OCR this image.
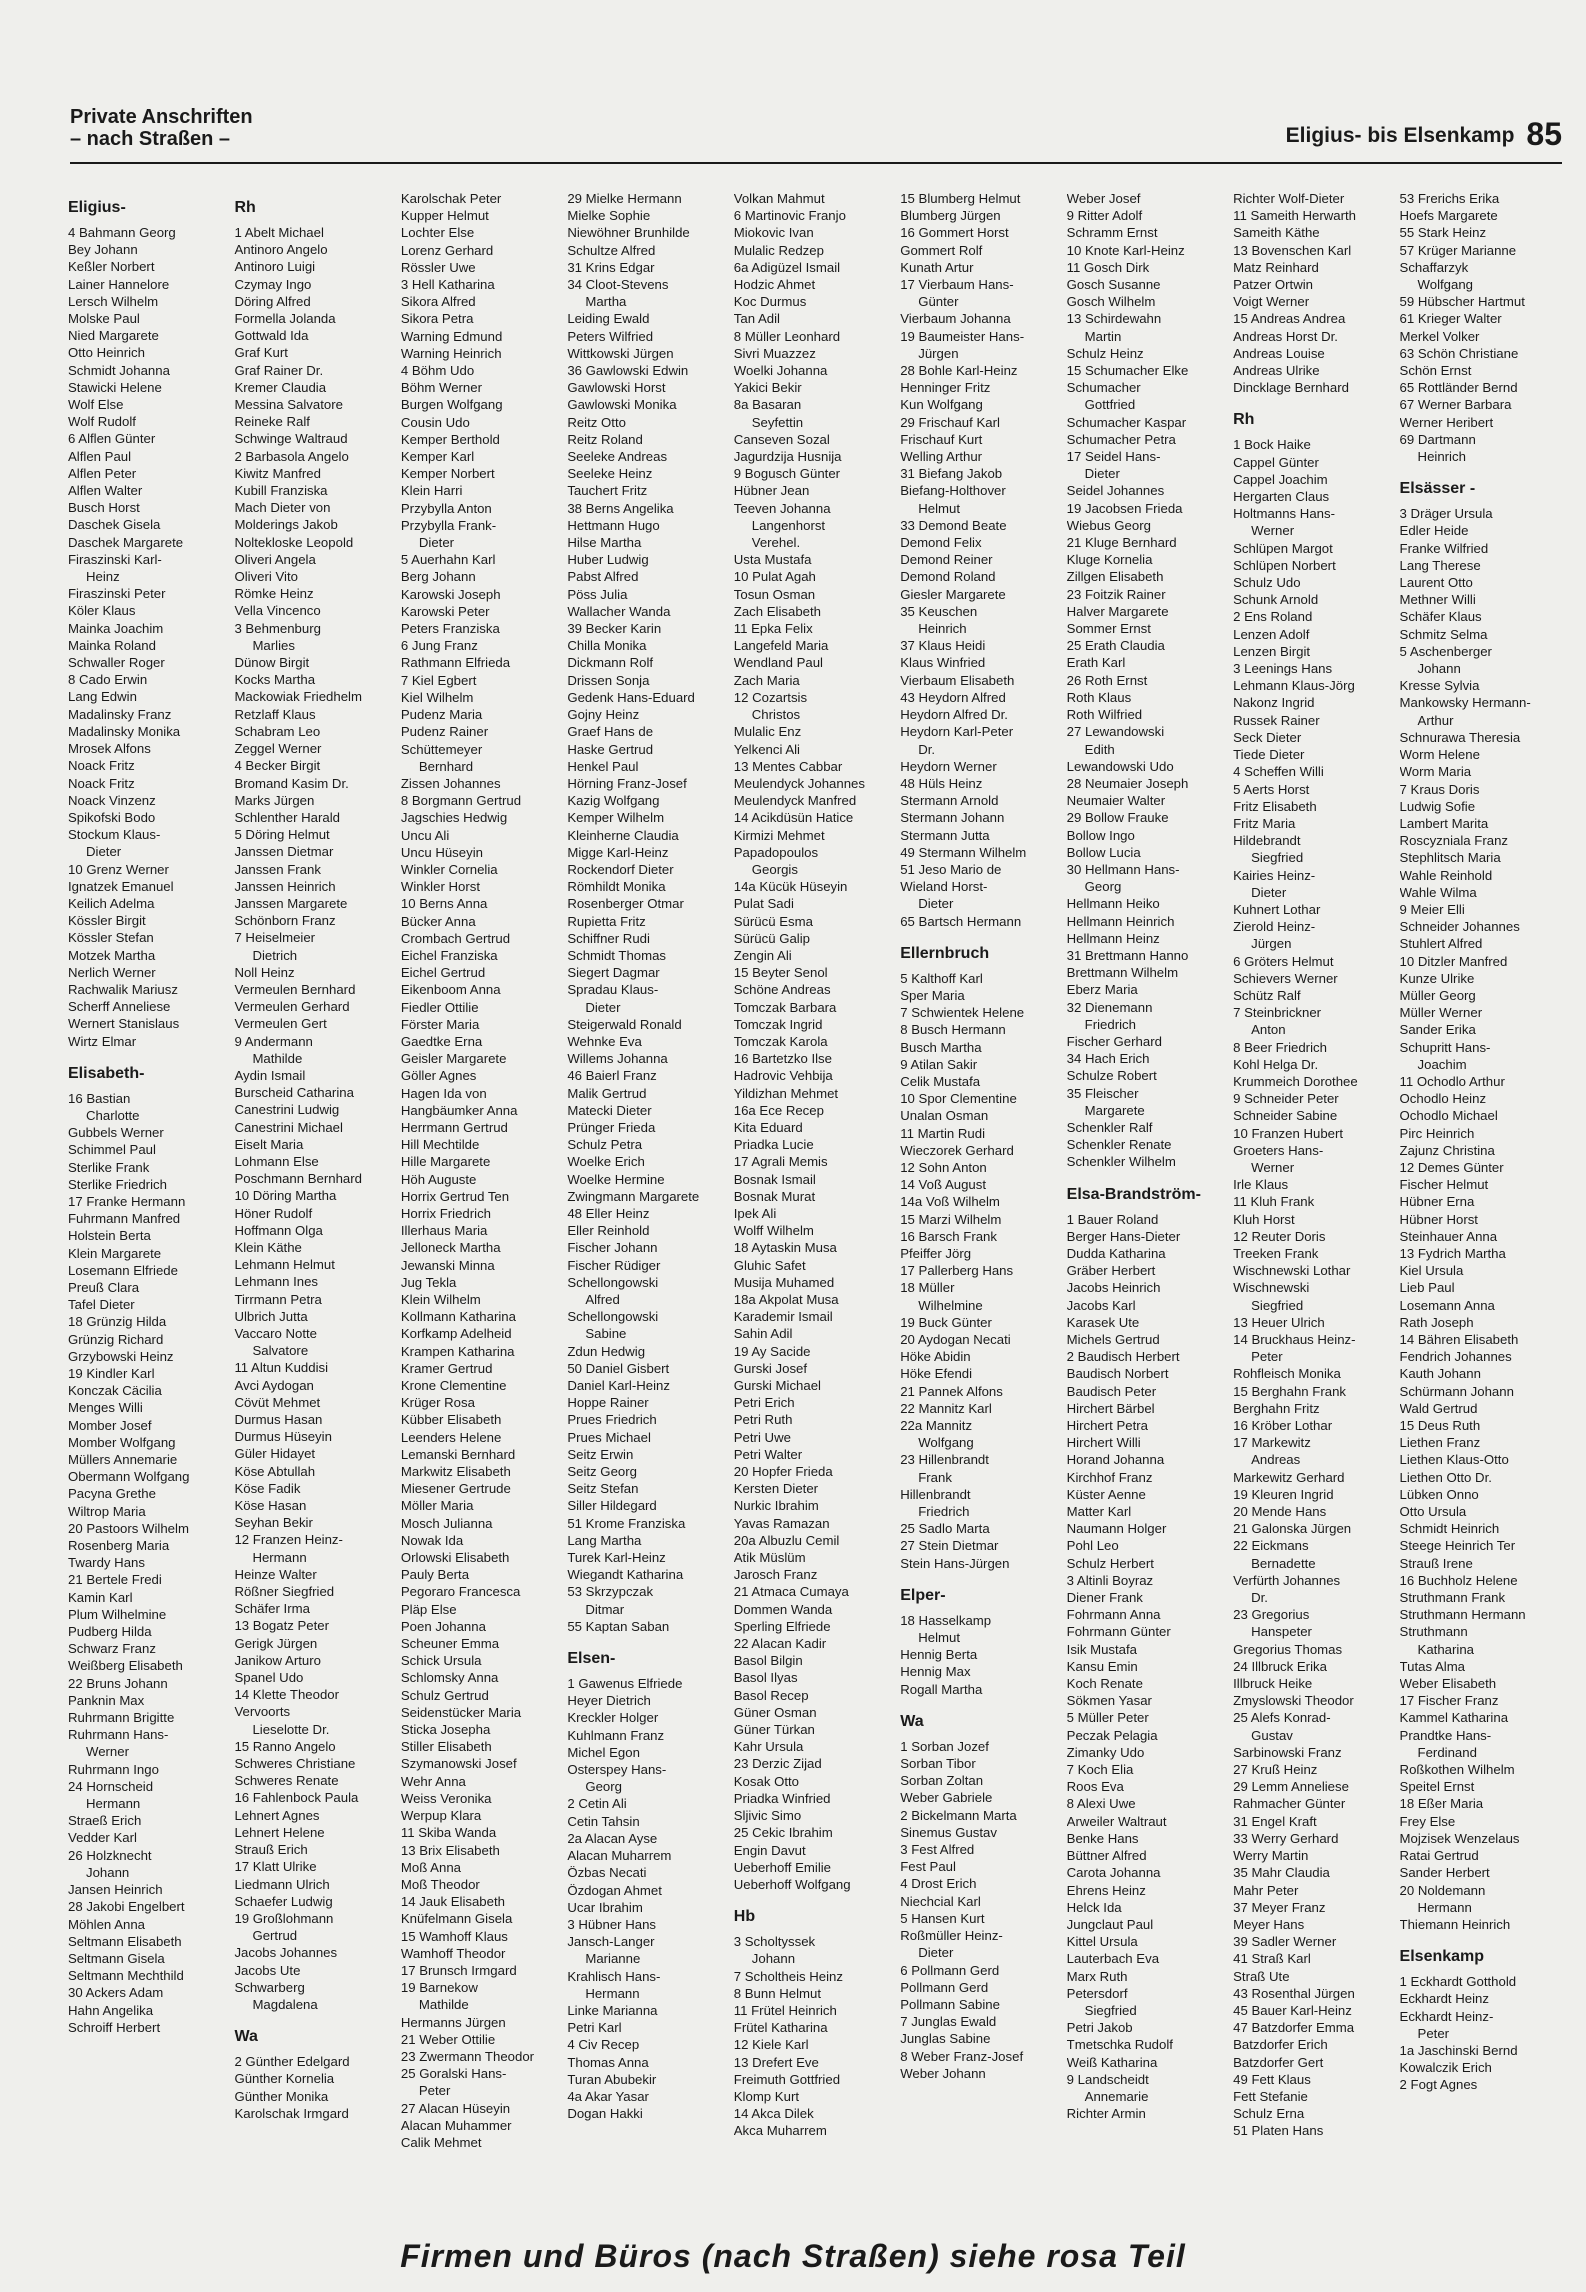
Private Anschriften
– nach Straßen –	Eligius- bis Elsenkamp 85
Eligius-
4 Bahmann Georg
Bey Johann
Keßler Norbert
Lainer Hannelore
Lersch Wilhelm
Molske Paul
Nied Margarete
Otto Heinrich
Schmidt Johanna
Stawicki Helene
Wolf Else
Wolf Rudolf
6 Alflen Günter
Alflen Paul
Alflen Peter
Alflen Walter
Busch Horst
Daschek Gisela
Daschek Margarete
Firaszinski Karl-
Heinz
Firaszinski Peter
Köler Klaus
Mainka Joachim
Mainka Roland
Schwaller Roger
8 Cado Erwin
Lang Edwin
Madalinsky Franz
Madalinsky Monika
Mrosek Alfons
Noack Fritz
Noack Fritz
Noack Vinzenz
Spikofski Bodo
Stockum Klaus-
Dieter
10 Grenz Werner
Ignatzek Emanuel
Keilich Adelma
Kössler Birgit
Kössler Stefan
Motzek Martha
Nerlich Werner
Rachwalik Mariusz
Scherff Anneliese
Wernert Stanislaus
Wirtz Elmar
Elisabeth-
16 Bastian
Charlotte
Gubbels Werner
Schimmel Paul
Sterlike Frank
Sterlike Friedrich
17 Franke Hermann
Fuhrmann Manfred
Holstein Berta
Klein Margarete
Losemann Elfriede
Preuß Clara
Tafel Dieter
18 Grünzig Hilda
Grünzig Richard
Grzybowski Heinz
19 Kindler Karl
Konczak Cäcilia
Menges Willi
Momber Josef
Momber Wolfgang
Müllers Annemarie
Obermann Wolfgang
Pacyna Grethe
Wiltrop Maria
20 Pastoors Wilhelm
Rosenberg Maria
Twardy Hans
21 Bertele Fredi
Kamin Karl
Plum Wilhelmine
Pudberg Hilda
Schwarz Franz
Weißberg Elisabeth
22 Bruns Johann
Panknin Max
Ruhrmann Brigitte
Ruhrmann Hans-
Werner
Ruhrmann Ingo
24 Hornscheid
Hermann
Straeß Erich
Vedder Karl
26 Holzknecht
Johann
Jansen Heinrich
28 Jakobi Engelbert
Möhlen Anna
Seltmann Elisabeth
Seltmann Gisela
Seltmann Mechthild
30 Ackers Adam
Hahn Angelika
Schroiff Herbert
Rh
1 Abelt Michael
Antinoro Angelo
Antinoro Luigi
Czymay Ingo
Döring Alfred
Formella Jolanda
Gottwald Ida
Graf Kurt
Graf Rainer Dr.
Kremer Claudia
Messina Salvatore
Reineke Ralf
Schwinge Waltraud
2 Barbasola Angelo
Kiwitz Manfred
Kubill Franziska
Mach Dieter von
Molderings Jakob
Noltekloske Leopold
Oliveri Angela
Oliveri Vito
Römke Heinz
Vella Vincenco
3 Behmenburg
Marlies
Dünow Birgit
Kocks Martha
Mackowiak Friedhelm
Retzlaff Klaus
Schabram Leo
Zeggel Werner
4 Becker Birgit
Bromand Kasim Dr.
Marks Jürgen
Schlenther Harald
5 Döring Helmut
Janssen Dietmar
Janssen Frank
Janssen Heinrich
Janssen Margarete
Schönborn Franz
7 Heiselmeier
Dietrich
Noll Heinz
Vermeulen Bernhard
Vermeulen Gerhard
Vermeulen Gert
9 Andermann
Mathilde
Aydin Ismail
Burscheid Catharina
Canestrini Ludwig
Canestrini Michael
Eiselt Maria
Lohmann Else
Poschmann Bernhard
10 Döring Martha
Höner Rudolf
Hoffmann Olga
Klein Käthe
Lehmann Helmut
Lehmann Ines
Tirrmann Petra
Ulbrich Jutta
Vaccaro Notte
Salvatore
11 Altun Kuddisi
Avci Aydogan
Cövüt Mehmet
Durmus Hasan
Durmus Hüseyin
Güler Hidayet
Köse Abtullah
Köse Fadik
Köse Hasan
Seyhan Bekir
12 Franzen Heinz-
Hermann
Heinze Walter
Rößner Siegfried
Schäfer Irma
13 Bogatz Peter
Gerigk Jürgen
Janikow Arturo
Spanel Udo
14 Klette Theodor
Vervoorts
Lieselotte Dr.
15 Ranno Angelo
Schweres Christiane
Schweres Renate
16 Fahlenbock Paula
Lehnert Agnes
Lehnert Helene
Strauß Erich
17 Klatt Ulrike
Liedmann Ulrich
Schaefer Ludwig
19 Großlohmann
Gertrud
Jacobs Johannes
Jacobs Ute
Schwarberg
Magdalena
Wa
2 Günther Edelgard
Günther Kornelia
Günther Monika
Karolschak Irmgard
Karolschak Peter
Kupper Helmut
Lochter Else
Lorenz Gerhard
Rössler Uwe
3 Hell Katharina
Sikora Alfred
Sikora Petra
Warning Edmund
Warning Heinrich
4 Böhm Udo
Böhm Werner
Burgen Wolfgang
Cousin Udo
Kemper Berthold
Kemper Karl
Kemper Norbert
Klein Harri
Przybylla Anton
Przybylla Frank-
Dieter
5 Auerhahn Karl
Berg Johann
Karowski Joseph
Karowski Peter
Peters Franziska
6 Jung Franz
Rathmann Elfrieda
7 Kiel Egbert
Kiel Wilhelm
Pudenz Maria
Pudenz Rainer
Schüttemeyer
Bernhard
Zissen Johannes
8 Borgmann Gertrud
Jagschies Hedwig
Uncu Ali
Uncu Hüseyin
Winkler Cornelia
Winkler Horst
10 Berns Anna
Bücker Anna
Crombach Gertrud
Eichel Franziska
Eichel Gertrud
Eikenboom Anna
Fiedler Ottilie
Förster Maria
Gaedtke Erna
Geisler Margarete
Göller Agnes
Hagen Ida von
Hangbäumker Anna
Herrmann Gertrud
Hill Mechtilde
Hille Margarete
Höh Auguste
Horrix Gertrud Ten
Horrix Friedrich
Illerhaus Maria
Jelloneck Martha
Jewanski Minna
Jug Tekla
Klein Wilhelm
Kollmann Katharina
Korfkamp Adelheid
Krampen Katharina
Kramer Gertrud
Krone Clementine
Krüger Rosa
Kübber Elisabeth
Leenders Helene
Lemanski Bernhard
Markwitz Elisabeth
Miesener Gertrude
Möller Maria
Mosch Julianna
Nowak Ida
Orlowski Elisabeth
Pauly Berta
Pegoraro Francesca
Pläp Else
Poen Johanna
Scheuner Emma
Schick Ursula
Schlomsky Anna
Schulz Gertrud
Seidenstücker Maria
Sticka Josepha
Stiller Elisabeth
Szymanowski Josef
Wehr Anna
Weiss Veronika
Werpup Klara
11 Skiba Wanda
13 Brix Elisabeth
Moß Anna
Moß Theodor
14 Jauk Elisabeth
Knüfelmann Gisela
15 Wamhoff Klaus
Wamhoff Theodor
17 Brunsch Irmgard
19 Barnekow
Mathilde
Hermanns Jürgen
21 Weber Ottilie
23 Zwermann Theodor
25 Goralski Hans-
Peter
27 Alacan Hüseyin
Alacan Muhammer
Calik Mehmet
29 Mielke Hermann
Mielke Sophie
Niewöhner Brunhilde
Schultze Alfred
31 Krins Edgar
34 Cloot-Stevens
Martha
Leiding Ewald
Peters Wilfried
Wittkowski Jürgen
36 Gawlowski Edwin
Gawlowski Horst
Gawlowski Monika
Reitz Otto
Reitz Roland
Seeleke Andreas
Seeleke Heinz
Tauchert Fritz
38 Berns Angelika
Hettmann Hugo
Hilse Martha
Huber Ludwig
Pabst Alfred
Pöss Julia
Wallacher Wanda
39 Becker Karin
Chilla Monika
Dickmann Rolf
Drissen Sonja
Gedenk Hans-Eduard
Gojny Heinz
Graef Hans de
Haske Gertrud
Henkel Paul
Hörning Franz-Josef
Kazig Wolfgang
Kemper Wilhelm
Kleinherne Claudia
Migge Karl-Heinz
Rockendorf Dieter
Römhildt Monika
Rosenberger Otmar
Rupietta Fritz
Schiffner Rudi
Schmidt Thomas
Siegert Dagmar
Spradau Klaus-
Dieter
Steigerwald Ronald
Wehnke Eva
Willems Johanna
46 Baierl Franz
Malik Gertrud
Matecki Dieter
Prünger Frieda
Schulz Petra
Woelke Erich
Woelke Hermine
Zwingmann Margarete
48 Eller Heinz
Eller Reinhold
Fischer Johann
Fischer Rüdiger
Schellongowski
Alfred
Schellongowski
Sabine
Zdun Hedwig
50 Daniel Gisbert
Daniel Karl-Heinz
Hoppe Rainer
Prues Friedrich
Prues Michael
Seitz Erwin
Seitz Georg
Seitz Stefan
Siller Hildegard
51 Krome Franziska
Lang Martha
Turek Karl-Heinz
Wiegandt Katharina
53 Skrzypczak
Ditmar
55 Kaptan Saban
Elsen-
1 Gawenus Elfriede
Heyer Dietrich
Kreckler Holger
Kuhlmann Franz
Michel Egon
Osterspey Hans-
Georg
2 Cetin Ali
Cetin Tahsin
2a Alacan Ayse
Alacan Muharrem
Özbas Necati
Özdogan Ahmet
Ucar Ibrahim
3 Hübner Hans
Jansch-Langer
Marianne
Krahlisch Hans-
Hermann
Linke Marianna
Petri Karl
4 Civ Recep
Thomas Anna
Turan Abubekir
4a Akar Yasar
Dogan Hakki
Volkan Mahmut
6 Martinovic Franjo
Miokovic Ivan
Mulalic Redzep
6a Adigüzel Ismail
Hodzic Ahmet
Koc Durmus
Tan Adil
8 Müller Leonhard
Sivri Muazzez
Woelki Johanna
Yakici Bekir
8a Basaran
Seyfettin
Canseven Sozal
Jagurdzija Husnija
9 Bogusch Günter
Hübner Jean
Teeven Johanna
Langenhorst
Verehel.
Usta Mustafa
10 Pulat Agah
Tosun Osman
Zach Elisabeth
11 Epka Felix
Langefeld Maria
Wendland Paul
Zach Maria
12 Cozartsis
Christos
Mulalic Enz
Yelkenci Ali
13 Mentes Cabbar
Meulendyck Johannes
Meulendyck Manfred
14 Acikdüsün Hatice
Kirmizi Mehmet
Papadopoulos
Georgis
14a Kücük Hüseyin
Pulat Sadi
Sürücü Esma
Sürücü Galip
Zengin Ali
15 Beyter Senol
Schöne Andreas
Tomczak Barbara
Tomczak Ingrid
Tomczak Karola
16 Bartetzko Ilse
Hadrovic Vehbija
Yildizhan Mehmet
16a Ece Recep
Kita Eduard
Priadka Lucie
17 Agrali Memis
Bosnak Ismail
Bosnak Murat
Ipek Ali
Wolff Wilhelm
18 Aytaskin Musa
Gluhic Safet
Musija Muhamed
18a Akpolat Musa
Karademir Ismail
Sahin Adil
19 Ay Sacide
Gurski Josef
Gurski Michael
Petri Erich
Petri Ruth
Petri Uwe
Petri Walter
20 Hopfer Frieda
Kersten Dieter
Nurkic Ibrahim
Yavas Ramazan
20a Albuzlu Cemil
Atik Müslüm
Jarosch Franz
21 Atmaca Cumaya
Dommen Wanda
Sperling Elfriede
22 Alacan Kadir
Basol Bilgin
Basol Ilyas
Basol Recep
Güner Osman
Güner Türkan
Kahr Ursula
23 Derzic Zijad
Kosak Otto
Priadka Winfried
Sljivic Simo
25 Cekic Ibrahim
Engin Davut
Ueberhoff Emilie
Ueberhoff Wolfgang
Hb
3 Scholtyssek
Johann
7 Scholtheis Heinz
8 Bunn Helmut
11 Frütel Heinrich
Frütel Katharina
12 Kiele Karl
13 Drefert Eve
Freimuth Gottfried
Klomp Kurt
14 Akca Dilek
Akca Muharrem
15 Blumberg Helmut
Blumberg Jürgen
16 Gommert Horst
Gommert Rolf
Kunath Artur
17 Vierbaum Hans-
Günter
Vierbaum Johanna
19 Baumeister Hans-
Jürgen
28 Bohle Karl-Heinz
Henninger Fritz
Kun Wolfgang
29 Frischauf Karl
Frischauf Kurt
Welling Arthur
31 Biefang Jakob
Biefang-Holthover
Helmut
33 Demond Beate
Demond Felix
Demond Reiner
Demond Roland
Giesler Margarete
35 Keuschen
Heinrich
37 Klaus Heidi
Klaus Winfried
Vierbaum Elisabeth
43 Heydorn Alfred
Heydorn Alfred Dr.
Heydorn Karl-Peter
Dr.
Heydorn Werner
48 Hüls Heinz
Stermann Arnold
Stermann Johann
Stermann Jutta
49 Stermann Wilhelm
51 Jeso Mario de
Wieland Horst-
Dieter
65 Bartsch Hermann
Ellernbruch
5 Kalthoff Karl
Sper Maria
7 Schwientek Helene
8 Busch Hermann
Busch Martha
9 Atilan Sakir
Celik Mustafa
10 Spor Clementine
Unalan Osman
11 Martin Rudi
Wieczorek Gerhard
12 Sohn Anton
14 Voß August
14a Voß Wilhelm
15 Marzi Wilhelm
16 Barsch Frank
Pfeiffer Jörg
17 Pallerberg Hans
18 Müller
Wilhelmine
19 Buck Günter
20 Aydogan Necati
Höke Abidin
Höke Efendi
21 Pannek Alfons
22 Mannitz Karl
22a Mannitz
Wolfgang
23 Hillenbrandt
Frank
Hillenbrandt
Friedrich
25 Sadlo Marta
27 Stein Dietmar
Stein Hans-Jürgen
Elper-
18 Hasselkamp
Helmut
Hennig Berta
Hennig Max
Rogall Martha
Wa
1 Sorban Jozef
Sorban Tibor
Sorban Zoltan
Weber Gabriele
2 Bickelmann Marta
Sinemus Gustav
3 Fest Alfred
Fest Paul
4 Drost Erich
Niechcial Karl
5 Hansen Kurt
Roßmüller Heinz-
Dieter
6 Pollmann Gerd
Pollmann Gerd
Pollmann Sabine
7 Junglas Ewald
Junglas Sabine
8 Weber Franz-Josef
Weber Johann
Weber Josef
9 Ritter Adolf
Schramm Ernst
10 Knote Karl-Heinz
11 Gosch Dirk
Gosch Susanne
Gosch Wilhelm
13 Schirdewahn
Martin
Schulz Heinz
15 Schumacher Elke
Schumacher
Gottfried
Schumacher Kaspar
Schumacher Petra
17 Seidel Hans-
Dieter
Seidel Johannes
19 Jacobsen Frieda
Wiebus Georg
21 Kluge Bernhard
Kluge Kornelia
Zillgen Elisabeth
23 Foitzik Rainer
Halver Margarete
Sommer Ernst
25 Erath Claudia
Erath Karl
26 Roth Ernst
Roth Klaus
Roth Wilfried
27 Lewandowski
Edith
Lewandowski Udo
28 Neumaier Joseph
Neumaier Walter
29 Bollow Frauke
Bollow Ingo
Bollow Lucia
30 Hellmann Hans-
Georg
Hellmann Heiko
Hellmann Heinrich
Hellmann Heinz
31 Brettmann Hanno
Brettmann Wilhelm
Eberz Maria
32 Dienemann
Friedrich
Fischer Gerhard
34 Hach Erich
Schulze Robert
35 Fleischer
Margarete
Schenkler Ralf
Schenkler Renate
Schenkler Wilhelm
Elsa-Brandström-
1 Bauer Roland
Berger Hans-Dieter
Dudda Katharina
Gräber Herbert
Jacobs Heinrich
Jacobs Karl
Karasek Ute
Michels Gertrud
2 Baudisch Herbert
Baudisch Norbert
Baudisch Peter
Hirchert Bärbel
Hirchert Petra
Hirchert Willi
Horand Johanna
Kirchhof Franz
Küster Aenne
Matter Karl
Naumann Holger
Pohl Leo
Schulz Herbert
3 Altinli Boyraz
Diener Frank
Fohrmann Anna
Fohrmann Günter
Isik Mustafa
Kansu Emin
Koch Renate
Sökmen Yasar
5 Müller Peter
Peczak Pelagia
Zimanky Udo
7 Koch Elia
Roos Eva
8 Alexi Uwe
Arweiler Waltraut
Benke Hans
Büttner Alfred
Carota Johanna
Ehrens Heinz
Helck Ida
Jungclaut Paul
Kittel Ursula
Lauterbach Eva
Marx Ruth
Petersdorf
Siegfried
Petri Jakob
Tmetschka Rudolf
Weiß Katharina
9 Landscheidt
Annemarie
Richter Armin
Richter Wolf-Dieter
11 Sameith Herwarth
Sameith Käthe
13 Bovenschen Karl
Matz Reinhard
Patzer Ortwin
Voigt Werner
15 Andreas Andrea
Andreas Horst Dr.
Andreas Louise
Andreas Ulrike
Dincklage Bernhard
Rh
1 Bock Haike
Cappel Günter
Cappel Joachim
Hergarten Claus
Holtmanns Hans-
Werner
Schlüpen Margot
Schlüpen Norbert
Schulz Udo
Schunk Arnold
2 Ens Roland
Lenzen Adolf
Lenzen Birgit
3 Leenings Hans
Lehmann Klaus-Jörg
Nakonz Ingrid
Russek Rainer
Seck Dieter
Tiede Dieter
4 Scheffen Willi
5 Aerts Horst
Fritz Elisabeth
Fritz Maria
Hildebrandt
Siegfried
Kairies Heinz-
Dieter
Kuhnert Lothar
Zierold Heinz-
Jürgen
6 Gröters Helmut
Schievers Werner
Schütz Ralf
7 Steinbrickner
Anton
8 Beer Friedrich
Kohl Helga Dr.
Krummeich Dorothee
9 Schneider Peter
Schneider Sabine
10 Franzen Hubert
Groeters Hans-
Werner
Irle Klaus
11 Kluh Frank
Kluh Horst
12 Reuter Doris
Treeken Frank
Wischnewski Lothar
Wischnewski
Siegfried
13 Heuer Ulrich
14 Bruckhaus Heinz-
Peter
Rohfleisch Monika
15 Berghahn Frank
Berghahn Fritz
16 Kröber Lothar
17 Markewitz
Andreas
Markewitz Gerhard
19 Kleuren Ingrid
20 Mende Hans
21 Galonska Jürgen
22 Eickmans
Bernadette
Verfürth Johannes
Dr.
23 Gregorius
Hanspeter
Gregorius Thomas
24 Illbruck Erika
Illbruck Heike
Zmyslowski Theodor
25 Alefs Konrad-
Gustav
Sarbinowski Franz
27 Kruß Heinz
29 Lemm Anneliese
Rahmacher Günter
31 Engel Kraft
33 Werry Gerhard
Werry Martin
35 Mahr Claudia
Mahr Peter
37 Meyer Franz
Meyer Hans
39 Sadler Werner
41 Straß Karl
Straß Ute
43 Rosenthal Jürgen
45 Bauer Karl-Heinz
47 Batzdorfer Emma
Batzdorfer Erich
Batzdorfer Gert
49 Fett Klaus
Fett Stefanie
Schulz Erna
51 Platen Hans
53 Frerichs Erika
Hoefs Margarete
55 Stark Heinz
57 Krüger Marianne
Schaffarzyk
Wolfgang
59 Hübscher Hartmut
61 Krieger Walter
Merkel Volker
63 Schön Christiane
Schön Ernst
65 Rottländer Bernd
67 Werner Barbara
Werner Heribert
69 Dartmann
Heinrich
Elsässer -
3 Dräger Ursula
Edler Heide
Franke Wilfried
Lang Therese
Laurent Otto
Methner Willi
Schäfer Klaus
Schmitz Selma
5 Aschenberger
Johann
Kresse Sylvia
Mankowsky Hermann-
Arthur
Schnurawa Theresia
Worm Helene
Worm Maria
7 Kraus Doris
Ludwig Sofie
Lambert Marita
Roscyzniala Franz
Stephlitsch Maria
Wahle Reinhold
Wahle Wilma
9 Meier Elli
Schneider Johannes
Stuhlert Alfred
10 Ditzler Manfred
Kunze Ulrike
Müller Georg
Müller Werner
Sander Erika
Schupritt Hans-
Joachim
11 Ochodlo Arthur
Ochodlo Heinz
Ochodlo Michael
Pirc Heinrich
Zajunz Christina
12 Demes Günter
Fischer Helmut
Hübner Erna
Hübner Horst
Steinhauer Anna
13 Fydrich Martha
Kiel Ursula
Lieb Paul
Losemann Anna
Rath Joseph
14 Bähren Elisabeth
Fendrich Johannes
Kauth Johann
Schürmann Johann
Wald Gertrud
15 Deus Ruth
Liethen Franz
Liethen Klaus-Otto
Liethen Otto Dr.
Lübken Onno
Otto Ursula
Schmidt Heinrich
Steege Heinrich Ter
Strauß Irene
16 Buchholz Helene
Struthmann Frank
Struthmann Hermann
Struthmann
Katharina
Tutas Alma
Weber Elisabeth
17 Fischer Franz
Kammel Katharina
Prandtke Hans-
Ferdinand
Roßkothen Wilhelm
Speitel Ernst
18 Eßer Maria
Frey Else
Mojzisek Wenzelaus
Ratai Gertrud
Sander Herbert
20 Noldemann
Hermann
Thiemann Heinrich
Elsenkamp
1 Eckhardt Gotthold
Eckhardt Heinz
Eckhardt Heinz-
Peter
1a Jaschinski Bernd
Kowalczik Erich
2 Fogt Agnes
Firmen und Büros (nach Straßen) siehe rosa Teil
